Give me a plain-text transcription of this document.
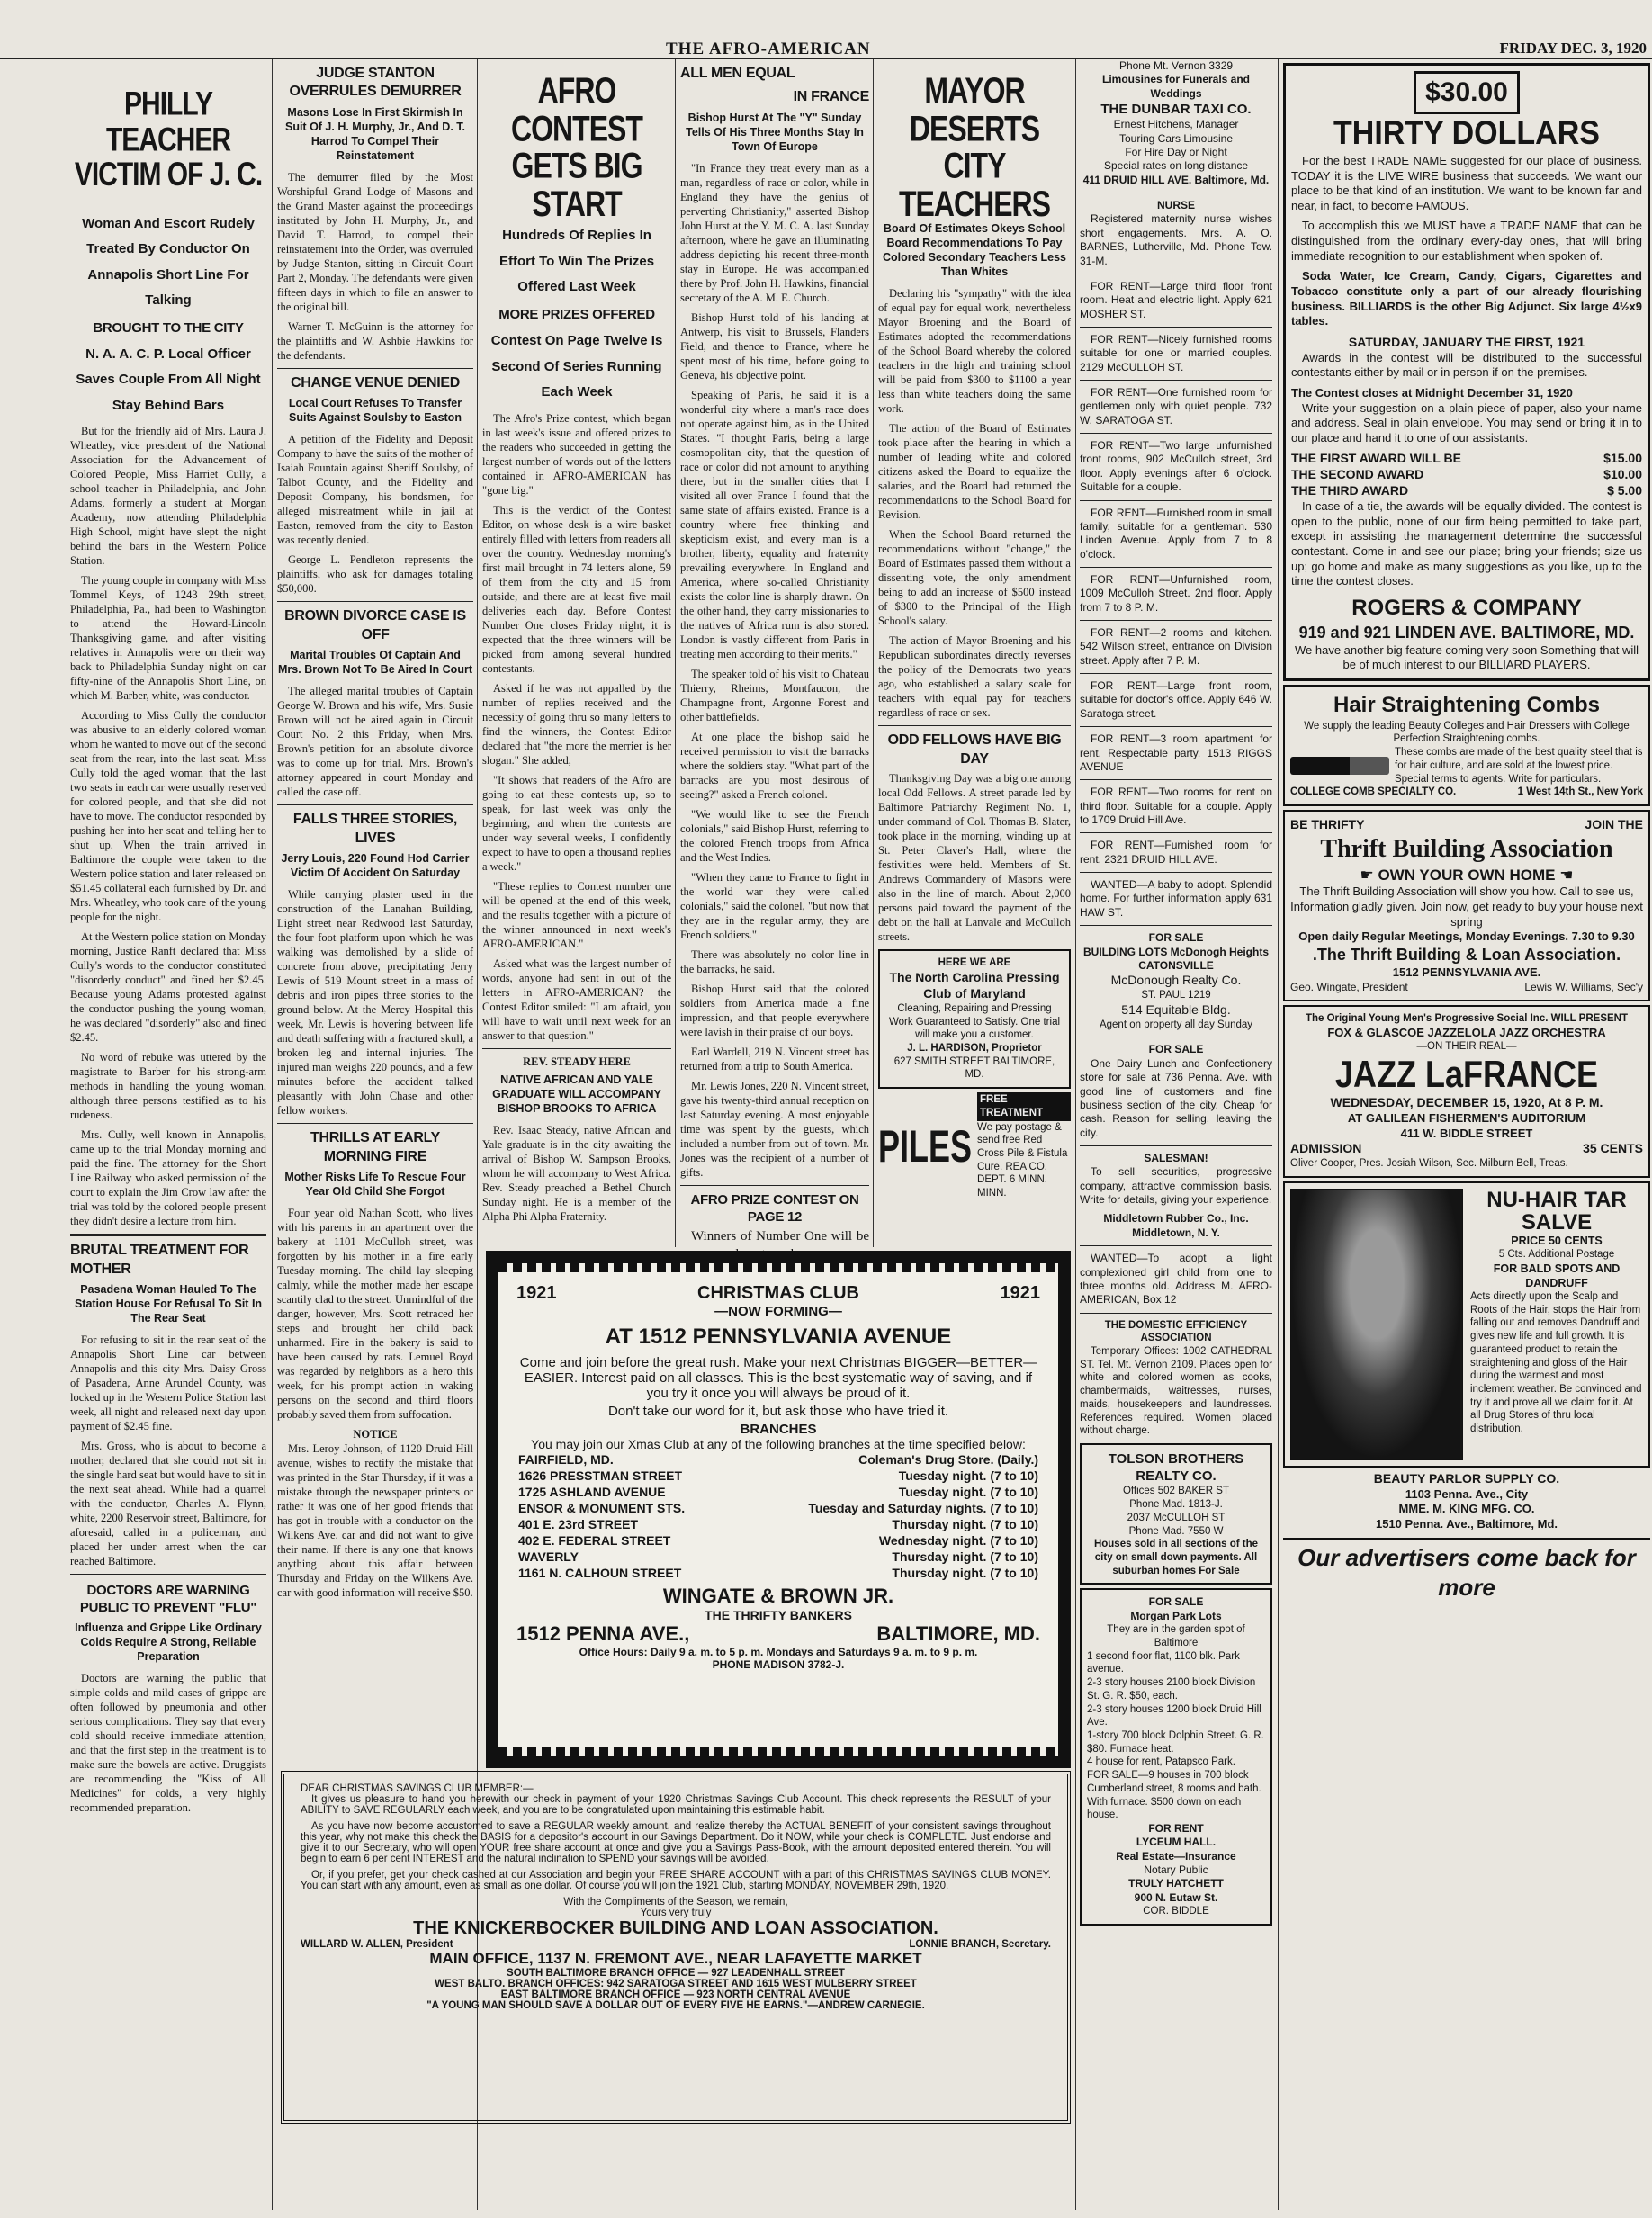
THE AFRO-AMERICAN	FRIDAY DEC. 3, 1920
PHILLY TEACHER VICTIM OF J. C.
Woman And Escort Rudely Treated By Conductor On Annapolis Short Line For Talking
BROUGHT TO THE CITY
N. A. A. C. P. Local Officer Saves Couple From All Night Stay Behind Bars

But for the friendly aid of Mrs. Laura J. Wheatley, vice president of the National Association for the Advancement of Colored People, Miss Harriet Cully, a school teacher in Philadelphia, and John Adams, formerly a student at Morgan Academy, now attending Philadelphia High School, might have slept the night behind the bars in the Western Police Station.

The young couple in company with Miss Tommel Keys, of 1243 29th street, Philadelphia, Pa., had been to Washington to attend the Howard-Lincoln Thanksgiving game, and after visiting relatives in Annapolis were on their way back to Philadelphia Sunday night on car fifty-nine of the Annapolis Short Line, on which M. Barber, white, was conductor.

According to Miss Cully the conductor was abusive to an elderly colored woman whom he wanted to move out of the second seat from the rear, into the last seat. Miss Cully told the aged woman that the last two seats in each car were usually reserved for colored people, and that she did not have to move. The conductor responded by pushing her into her seat and telling her to shut up. When the train arrived in Baltimore the couple were taken to the Western police station and later released on $51.45 collateral each furnished by Dr. and Mrs. Wheatley, who took care of the young people for the night.

At the Western police station on Monday morning, Justice Ranft declared that Miss Cully's words to the conductor constituted "disorderly conduct" and fined her $2.45. Because young Adams protested against the conductor pushing the young woman, he was declared "disorderly" also and fined $2.45.

No word of rebuke was uttered by the magistrate to Barber for his strong-arm methods in handling the young woman, although three persons testified as to his rudeness.

Mrs. Cully, well known in Annapolis, came up to the trial Monday morning and paid the fine. The attorney for the Short Line Railway who asked permission of the court to explain the Jim Crow law after the trial was told by the colored people present they didn't desire a lecture from him.

BRUTAL TREATMENT FOR MOTHER
Pasadena Woman Hauled To The Station House For Refusal To Sit In The Rear Seat

For refusing to sit in the rear seat of the Annapolis Short Line car between Annapolis and this city Mrs. Daisy Gross of Pasadena, Anne Arundel County, was locked up in the Western Police Station last week, all night and released next day upon payment of $2.45 fine.

Mrs. Gross, who is about to become a mother, declared that she could not sit in the single hard seat but would have to sit in the next seat ahead. While had a quarrel with the conductor, Charles A. Flynn, white, 2200 Reservoir street, Baltimore, for aforesaid, called in a policeman, and placed her under arrest when the car reached Baltimore.

DOCTORS ARE WARNING PUBLIC TO PREVENT "FLU"
Influenza and Grippe Like Ordinary Colds Require A Strong, Reliable Preparation

Doctors are warning the public that simple colds and mild cases of grippe are often followed by pneumonia and other serious complications. They say that every cold should receive immediate attention, and that the first step in the treatment is to make sure the bowels are active. Druggists are recommending the "Kiss of All Medicines" for colds, a very highly recommended preparation.

JUDGE STANTON OVERRULES DEMURRER
Masons Lose In First Skirmish In Suit Of J. H. Murphy, Jr., And D. T. Harrod To Compel Their Reinstatement

The demurrer filed by the Most Worshipful Grand Lodge of Masons and the Grand Master against the proceedings instituted by John H. Murphy, Jr., and David T. Harrod, to compel their reinstatement into the Order, was overruled by Judge Stanton, sitting in Circuit Court Part 2, Monday. The defendants were given fifteen days in which to file an answer to the original bill.

Warner T. McGuinn is the attorney for the plaintiffs and W. Ashbie Hawkins for the defendants.

CHANGE VENUE DENIED
Local Court Refuses To Transfer Suits Against Soulsby to Easton

A petition of the Fidelity and Deposit Company to have the suits of the mother of Isaiah Fountain against Sheriff Soulsby, of Talbot County, and the Fidelity and Deposit Company, his bondsmen, for alleged mistreatment while in jail at Easton, removed from the city to Easton was recently denied.

George L. Pendleton represents the plaintiffs, who ask for damages totaling $50,000.

BROWN DIVORCE CASE IS OFF
Marital Troubles Of Captain And Mrs. Brown Not To Be Aired In Court

The alleged marital troubles of Captain George W. Brown and his wife, Mrs. Susie Brown will not be aired again in Circuit Court No. 2 this Friday, when Mrs. Brown's petition for an absolute divorce was to come up for trial. Mrs. Brown's attorney appeared in court Monday and called the case off.

FALLS THREE STORIES, LIVES
Jerry Louis, 220 Found Hod Carrier Victim Of Accident On Saturday

While carrying plaster used in the construction of the Lanahan Building, Light street near Redwood last Saturday, the four foot platform upon which he was walking was demolished by a slide of concrete from above, precipitating Jerry Lewis of 519 Mount street in a mass of debris and iron pipes three stories to the ground below. At the Mercy Hospital this week, Mr. Lewis is hovering between life and death suffering with a fractured skull, a broken leg and internal injuries. The injured man weighs 220 pounds, and a few minutes before the accident talked pleasantly with John Chase and other fellow workers.

THRILLS AT EARLY MORNING FIRE
Mother Risks Life To Rescue Four Year Old Child She Forgot

Four year old Nathan Scott, who lives with his parents in an apartment over the bakery at 1101 McCulloh street, was forgotten by his mother in a fire early Tuesday morning. The child lay sleeping calmly, while the mother made her escape scantily clad to the street. Unmindful of the danger, however, Mrs. Scott retraced her steps and brought her child back unharmed. Fire in the bakery is said to have been caused by rats. Lemuel Boyd was regarded by neighbors as a hero this week, for his prompt action in waking persons on the second and third floors probably saved them from suffocation.

NOTICE

Mrs. Leroy Johnson, of 1120 Druid Hill avenue, wishes to rectify the mistake that was printed in the Star Thursday, if it was a mistake through the newspaper printers or rather it was one of her good friends that has got in trouble with a conductor on the Wilkens Ave. car and did not want to give their name. If there is any one that knows anything about this affair between Thursday and Friday on the Wilkens Ave. car with good information will receive $50.

AFRO CONTEST GETS BIG START
Hundreds Of Replies In Effort To Win The Prizes Offered Last Week
MORE PRIZES OFFERED
Contest On Page Twelve Is Second Of Series Running Each Week

The Afro's Prize contest, which began in last week's issue and offered prizes to the readers who succeeded in getting the largest number of words out of the letters contained in AFRO-AMERICAN has "gone big."

This is the verdict of the Contest Editor, on whose desk is a wire basket entirely filled with letters from readers all over the country. Wednesday morning's first mail brought in 74 letters alone, 59 of them from the city and 15 from outside, and there are at least five mail deliveries each day. Before Contest Number One closes Friday night, it is expected that the three winners will be picked from among several hundred contestants.

Asked if he was not appalled by the number of replies received and the necessity of going thru so many letters to find the winners, the Contest Editor declared that "the more the merrier is her slogan." She added,

"It shows that readers of the Afro are going to eat these contests up, so to speak, for last week was only the beginning, and when the contests are under way several weeks, I confidently expect to have to open a thousand replies a week."

"These replies to Contest number one will be opened at the end of this week, and the results together with a picture of the winner announced in next week's AFRO-AMERICAN."

Asked what was the largest number of words, anyone had sent in out of the letters in AFRO-AMERICAN? the Contest Editor smiled: "I am afraid, you will have to wait until next week for an answer to that question."

REV. STEADY HERE
NATIVE AFRICAN AND YALE GRADUATE WILL ACCOMPANY BISHOP BROOKS TO AFRICA

Rev. Isaac Steady, native African and Yale graduate is in the city awaiting the arrival of Bishop W. Sampson Brooks, whom he will accompany to West Africa. Rev. Steady preached a Bethel Church Sunday night. He is a member of the Alpha Phi Alpha Fraternity.

ALL MEN EQUAL
IN FRANCE
Bishop Hurst At The "Y" Sunday Tells Of His Three Months Stay In Town Of Europe

"In France they treat every man as a man, regardless of race or color, while in England they have the genius of perverting Christianity," asserted Bishop John Hurst at the Y. M. C. A. last Sunday afternoon, where he gave an illuminating address depicting his recent three-month stay in Europe. He was accompanied there by Prof. John H. Hawkins, financial secretary of the A. M. E. Church.

Bishop Hurst told of his landing at Antwerp, his visit to Brussels, Flanders Field, and thence to France, where he spent most of his time, before going to Geneva, his objective point.

Speaking of Paris, he said it is a wonderful city where a man's race does not operate against him, as in the United States. "I thought Paris, being a large cosmopolitan city, that the question of race or color did not amount to anything there, but in the smaller cities that I visited all over France I found that the same state of affairs existed. France is a country where free thinking and skepticism exist, and every man is a brother, liberty, equality and fraternity prevailing everywhere. In England and America, where so-called Christianity exists the color line is sharply drawn. On the other hand, they carry missionaries to the natives of Africa rum is also stored. London is vastly different from Paris in treating men according to their merits."

The speaker told of his visit to Chateau Thierry, Rheims, Montfaucon, the Champagne front, Argonne Forest and other battlefields.

At one place the bishop said he received permission to visit the barracks where the soldiers stay. "What part of the barracks are you most desirous of seeing?" asked a French colonel.

"We would like to see the French colonials," said Bishop Hurst, referring to the colored French troops from Africa and the West Indies.

"When they came to France to fight in the world war they were called colonials," said the colonel, "but now that they are in the regular army, they are French soldiers."

There was absolutely no color line in the barracks, he said.

Bishop Hurst said that the colored soldiers from America made a fine impression, and that people everywhere were lavish in their praise of our boys.

Earl Wardell, 219 N. Vincent street has returned from a trip to South America.

Mr. Lewis Jones, 220 N. Vincent street, gave his twenty-third annual reception on last Saturday evening. A most enjoyable time was spent by the guests, which included a number from out of town. Mr. Jones was the recipient of a number of gifts.

AFRO PRIZE CONTEST ON PAGE 12

Winners of Number One will be

MAYOR DESERTS CITY TEACHERS
Board Of Estimates Okeys School Board Recommendations To Pay Colored Secondary Teachers Less Than Whites

Declaring his "sympathy" with the idea of equal pay for equal work, nevertheless Mayor Broening and the Board of Estimates adopted the recommendations of the School Board whereby the colored teachers in the high and training school will be paid from $300 to $1100 a year less than white teachers doing the same work.

The action of the Board of Estimates took place after the hearing in which a number of leading white and colored citizens asked the Board to equalize the salaries, and the Board had returned the recommendations to the School Board for Revision.

When the School Board returned the recommendations without "change," the Board of Estimates passed them without a dissenting vote, the only amendment being to add an increase of $500 instead of $300 to the Principal of the High School's salary.

The action of Mayor Broening and his Republican subordinates directly reverses the policy of the Democrats two years ago, who established a salary scale for teachers with equal pay for teachers regardless of race or sex.

ODD FELLOWS HAVE BIG DAY

Thanksgiving Day was a big one among local Odd Fellows. A street parade led by Baltimore Patriarchy Regiment No. 1, under command of Col. Thomas B. Slater, took place in the morning, winding up at St. Peter Claver's Hall, where the festivities were held. Members of St. Andrews Commandery of Masons were also in the line of march. About 2,000 persons paid toward the payment of the debt on the hall at Lanvale and McCulloh streets.

HERE WE ARE
The North Carolina Pressing Club of Maryland
Cleaning, Repairing and Pressing Work Guaranteed to Satisfy. One trial will make you a customer.
J. L. HARDISON, Proprietor
627 SMITH STREET BALTIMORE, MD.
PILES
FREE TREATMENT
We pay postage & send free Red Cross Pile & Fistula Cure. REA CO. DEPT. 6 MINN. MINN.
Phone Mt. Vernon 3329
Limousines for Funerals and Weddings
THE DUNBAR TAXI CO.
Ernest Hitchens, Manager
Touring Cars Limousine
For Hire Day or Night
Special rates on long distance
411 DRUID HILL AVE. Baltimore, Md.
NURSE

Registered maternity nurse wishes short engagements. Mrs. A. O. BARNES, Lutherville, Md. Phone Tow. 31-M.

FOR RENT—Large third floor front room. Heat and electric light. Apply 621 MOSHER ST.

FOR RENT—Nicely furnished rooms suitable for one or married couples. 2129 McCULLOH ST.

FOR RENT—One furnished room for gentlemen only with quiet people. 732 W. SARATOGA ST.

FOR RENT—Two large unfurnished front rooms, 902 McCulloh street, 3rd floor. Apply evenings after 6 o'clock. Suitable for a couple.

FOR RENT—Furnished room in small family, suitable for a gentleman. 530 Linden Avenue. Apply from 7 to 8 o'clock.

FOR RENT—Unfurnished room, 1009 McCulloh Street. 2nd floor. Apply from 7 to 8 P. M.

FOR RENT—2 rooms and kitchen. 542 Wilson street, entrance on Division street. Apply after 7 P. M.

FOR RENT—Large front room, suitable for doctor's office. Apply 646 W. Saratoga street.

FOR RENT—3 room apartment for rent. Respectable party. 1513 RIGGS AVENUE

FOR RENT—Two rooms for rent on third floor. Suitable for a couple. Apply to 1709 Druid Hill Ave.

FOR RENT—Furnished room for rent. 2321 DRUID HILL AVE.

WANTED—A baby to adopt. Splendid home. For further information apply 631 HAW ST.

FOR SALE
BUILDING LOTS McDonogh Heights CATONSVILLE
McDonough Realty Co.
ST. PAUL 1219
514 Equitable Bldg.
Agent on property all day Sunday
FOR SALE

One Dairy Lunch and Confectionery store for sale at 736 Penna. Ave. with good line of customers and fine business section of the city. Cheap for cash. Reason for selling, leaving the city.

SALESMAN!

To sell securities, progressive company, attractive commission basis. Write for details, giving your experience.

Middletown Rubber Co., Inc. Middletown, N. Y.

WANTED—To adopt a light complexioned girl child from one to three months old. Address M. AFRO-AMERICAN, Box 12

THE DOMESTIC EFFICIENCY ASSOCIATION

Temporary Offices: 1002 CATHEDRAL ST. Tel. Mt. Vernon 2109. Places open for white and colored women as cooks, chambermaids, waitresses, nurses, maids, housekeepers and laundresses. References required. Women placed without charge.

TOLSON BROTHERS REALTY CO.
Offices 502 BAKER ST
Phone Mad. 1813-J.
2037 McCULLOH ST
Phone Mad. 7550 W
Houses sold in all sections of the city on small down payments. All suburban homes For Sale
FOR SALE
Morgan Park Lots
They are in the garden spot of Baltimore
1 second floor flat, 1100 blk. Park avenue.
2-3 story houses 2100 block Division St. G. R. $50, each.
2-3 story houses 1200 block Druid Hill Ave.
1-story 700 block Dolphin Street. G. R. $80. Furnace heat.
4 house for rent, Patapsco Park.
FOR SALE—9 houses in 700 block Cumberland street, 8 rooms and bath. With furnace. $500 down on each house.
FOR RENT
LYCEUM HALL.
Real Estate—Insurance
Notary Public
TRULY HATCHETT
900 N. Eutaw St.
COR. BIDDLE
$30.00
THIRTY DOLLARS

For the best TRADE NAME suggested for our place of business. TODAY it is the LIVE WIRE business that succeeds. We want our place to be that kind of an institution. We want to be known far and near, in fact, to become FAMOUS.

To accomplish this we MUST have a TRADE NAME that can be distinguished from the ordinary every-day ones, that will bring immediate recognition to our establishment when spoken of.

Soda Water, Ice Cream, Candy, Cigars, Cigarettes and Tobacco constitute only a part of our already flourishing business. BILLIARDS is the other Big Adjunct. Six large 4½x9 tables.

SATURDAY, JANUARY THE FIRST, 1921

Awards in the contest will be distributed to the successful contestants either by mail or in person if on the premises.

The Contest closes at Midnight December 31, 1920

Write your suggestion on a plain piece of paper, also your name and address. Seal in plain envelope. You may send or bring it in to our place and hand it to one of our assistants.

THE FIRST AWARD WILL BE	$15.00
THE SECOND AWARD	$10.00
THE THIRD AWARD	$ 5.00

In case of a tie, the awards will be equally divided. The contest is open to the public, none of our firm being permitted to take part, except in assisting the management determine the successful contestant. Come in and see our place; bring your friends; size us up; go home and make as many suggestions as you like, up to the time the contest closes.

ROGERS & COMPANY
919 and 921 LINDEN AVE. BALTIMORE, MD.
We have another big feature coming very soon Something that will be of much interest to our BILLIARD PLAYERS.
Hair Straightening Combs
We supply the leading Beauty Colleges and Hair Dressers with College Perfection Straightening combs.
These combs are made of the best quality steel that is for hair culture, and are sold at the lowest price. Special terms to agents. Write for particulars.
COLLEGE COMB SPECIALTY CO.	1 West 14th St., New York
BE THRIFTY	JOIN THE
Thrift Building Association
☛ OWN YOUR OWN HOME ☚
The Thrift Building Association will show you how. Call to see us, Information gladly given. Join now, get ready to buy your house next spring
Open daily Regular Meetings, Monday Evenings. 7.30 to 9.30
.The Thrift Building & Loan Association.
1512 PENNSYLVANIA AVE.
Geo. Wingate, President	Lewis W. Williams, Sec'y
The Original Young Men's Progressive Social Inc. WILL PRESENT
FOX & GLASCOE JAZZELOLA JAZZ ORCHESTRA
—ON THEIR REAL—
JAZZ LaFRANCE
WEDNESDAY, DECEMBER 15, 1920, At 8 P. M.
AT GALILEAN FISHERMEN'S AUDITORIUM
411 W. BIDDLE STREET
ADMISSION	35 CENTS
Oliver Cooper, Pres. Josiah Wilson, Sec. Milburn Bell, Treas.
NU-HAIR TAR SALVE
PRICE 50 CENTS
5 Cts. Additional Postage
FOR BALD SPOTS AND DANDRUFF
Acts directly upon the Scalp and Roots of the Hair, stops the Hair from falling out and removes Dandruff and gives new life and full growth. It is guaranteed product to retain the straightening and gloss of the Hair during the warmest and most inclement weather. Be convinced and try it and prove all we claim for it. At all Drug Stores of thru local distribution.
BEAUTY PARLOR SUPPLY CO.
1103 Penna. Ave., City
MME. M. KING MFG. CO.
1510 Penna. Ave., Baltimore, Md.
Our advertisers come back for more
1921	CHRISTMAS CLUB	1921
—NOW FORMING—
AT 1512 PENNSYLVANIA AVENUE
Come and join before the great rush. Make your next Christmas BIGGER—BETTER—EASIER. Interest paid on all classes. This is the best systematic way of saving, and if you try it once you will always be proud of it.
Don't take our word for it, but ask those who have tried it.
BRANCHES
You may join our Xmas Club at any of the following branches at the time specified below:
FAIRFIELD, MD.	Coleman's Drug Store. (Daily.)
1626 PRESSTMAN STREET	Tuesday night. (7 to 10)
1725 ASHLAND AVENUE	Tuesday night. (7 to 10)
ENSOR & MONUMENT STS.	Tuesday and Saturday nights. (7 to 10)
401 E. 23rd STREET	Thursday night. (7 to 10)
402 E. FEDERAL STREET	Wednesday night. (7 to 10)
WAVERLY	Thursday night. (7 to 10)
1161 N. CALHOUN STREET	Thursday night. (7 to 10)
WINGATE & BROWN JR.
THE THRIFTY BANKERS
1512 PENNA AVE.,	BALTIMORE, MD.
Office Hours: Daily 9 a. m. to 5 p. m. Mondays and Saturdays 9 a. m. to 9 p. m.
PHONE MADISON 3782-J.
DEAR CHRISTMAS SAVINGS CLUB MEMBER:—

It gives us pleasure to hand you herewith our check in payment of your 1920 Christmas Savings Club Account. This check represents the RESULT of your ABILITY to SAVE REGULARLY each week, and you are to be congratulated upon maintaining this estimable habit.

As you have now become accustomed to save a REGULAR weekly amount, and realize thereby the ACTUAL BENEFIT of your consistent savings throughout this year, why not make this check the BASIS for a depositor's account in our Savings Department. Do it NOW, while your check is COMPLETE. Just endorse and give it to our Secretary, who will open YOUR free share account at once and give you a Savings Pass-Book, with the amount deposited entered therein. You will begin to earn 6 per cent INTEREST and the natural inclination to SPEND your savings will be avoided.

Or, if you prefer, get your check cashed at our Association and begin your FREE SHARE ACCOUNT with a part of this CHRISTMAS SAVINGS CLUB MONEY. You can start with any amount, even as small as one dollar. Of course you will join the 1921 Club, starting MONDAY, NOVEMBER 29th, 1920.

With the Compliments of the Season, we remain,
Yours very truly
THE KNICKERBOCKER BUILDING AND LOAN ASSOCIATION.
WILLARD W. ALLEN, President	LONNIE BRANCH, Secretary.
MAIN OFFICE, 1137 N. FREMONT AVE., NEAR LAFAYETTE MARKET
SOUTH BALTIMORE BRANCH OFFICE — 927 LEADENHALL STREET
WEST BALTO. BRANCH OFFICES: 942 SARATOGA STREET AND 1615 WEST MULBERRY STREET
EAST BALTIMORE BRANCH OFFICE — 923 NORTH CENTRAL AVENUE
"A YOUNG MAN SHOULD SAVE A DOLLAR OUT OF EVERY FIVE HE EARNS."—ANDREW CARNEGIE.
